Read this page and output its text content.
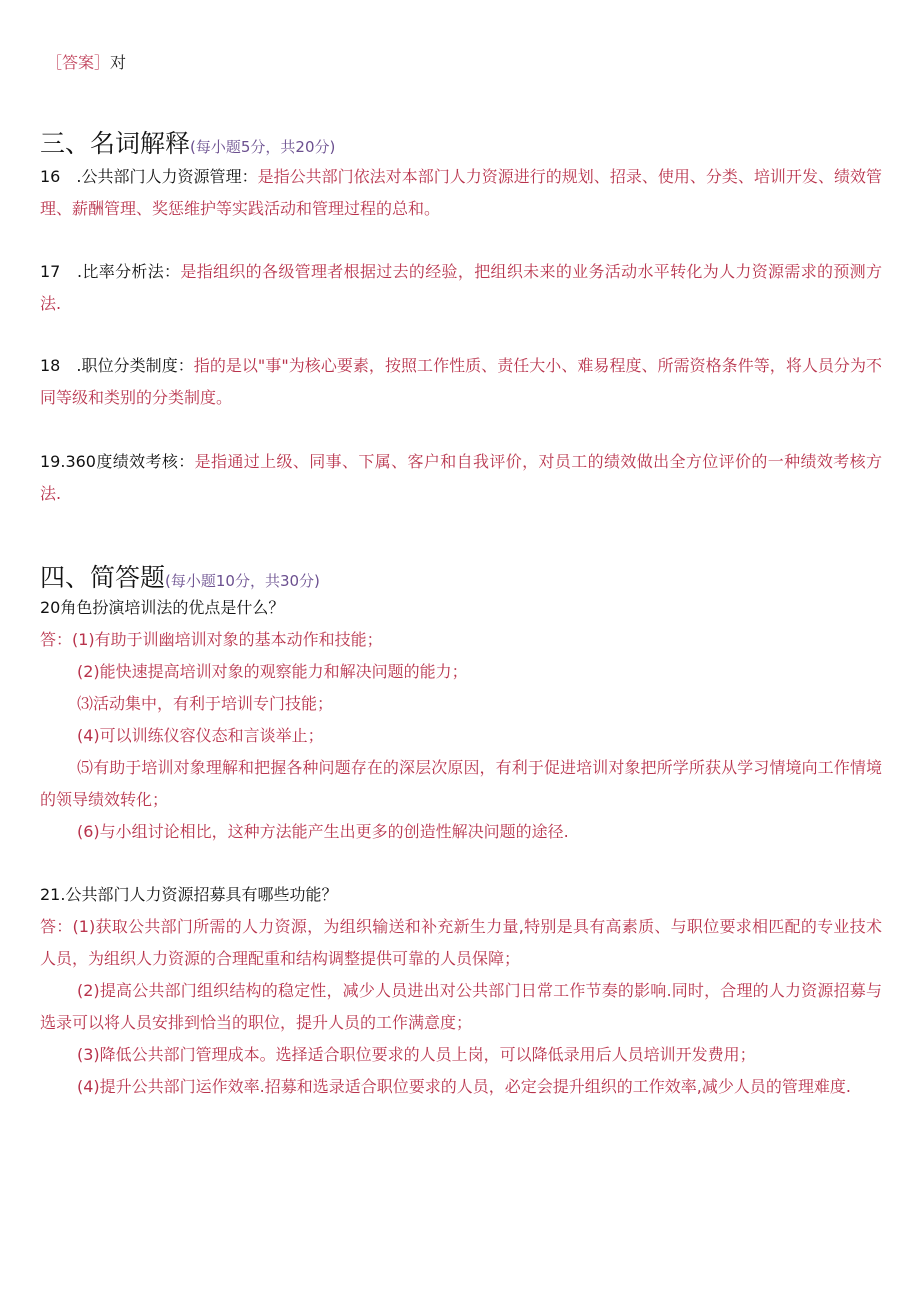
［答案］对
三、名词解释(每小题5分，共20分)
16　.公共部门人力资源管理：是指公共部门依法对本部门人力资源进行的规划、招录、使用、分类、培训开发、绩效管理、薪酬管理、奖惩维护等实践活动和管理过程的总和。
17　.比率分析法：是指组织的各级管理者根据过去的经验，把组织未来的业务活动水平转化为人力资源需求的预测方法.
18　.职位分类制度：指的是以"事"为核心要素，按照工作性质、责任大小、难易程度、所需资格条件等，将人员分为不同等级和类别的分类制度。
19.360度绩效考核：是指通过上级、同事、下属、客户和自我评价，对员工的绩效做出全方位评价的一种绩效考核方法.
四、简答题(每小题10分，共30分)
20角色扮演培训法的优点是什么？

答：(1)有助于训幽培训对象的基本动作和技能；

(2)能快速提高培训对象的观察能力和解决问题的能力；

⑶活动集中，有利于培训专门技能；

(4)可以训练仪容仪态和言谈举止；

⑸有助于培训对象理解和把握各种问题存在的深层次原因，有利于促进培训对象把所学所获从学习情境向工作情境的领导绩效转化；

(6)与小组讨论相比，这种方法能产生出更多的创造性解决问题的途径.

21.公共部门人力资源招募具有哪些功能？

答：(1)获取公共部门所需的人力资源，为组织输送和补充新生力量,特别是具有高素质、与职位要求相匹配的专业技术人员，为组织人力资源的合理配重和结构调整提供可靠的人员保障；

(2)提高公共部门组织结构的稳定性，减少人员进出对公共部门日常工作节奏的影响.同时，合理的人力资源招募与选录可以将人员安排到恰当的职位，提升人员的工作满意度；

(3)降低公共部门管理成本。选择适合职位要求的人员上岗，可以降低录用后人员培训开发费用；

(4)提升公共部门运作效率.招募和选录适合职位要求的人员，必定会提升组织的工作效率,减少人员的管理难度.
